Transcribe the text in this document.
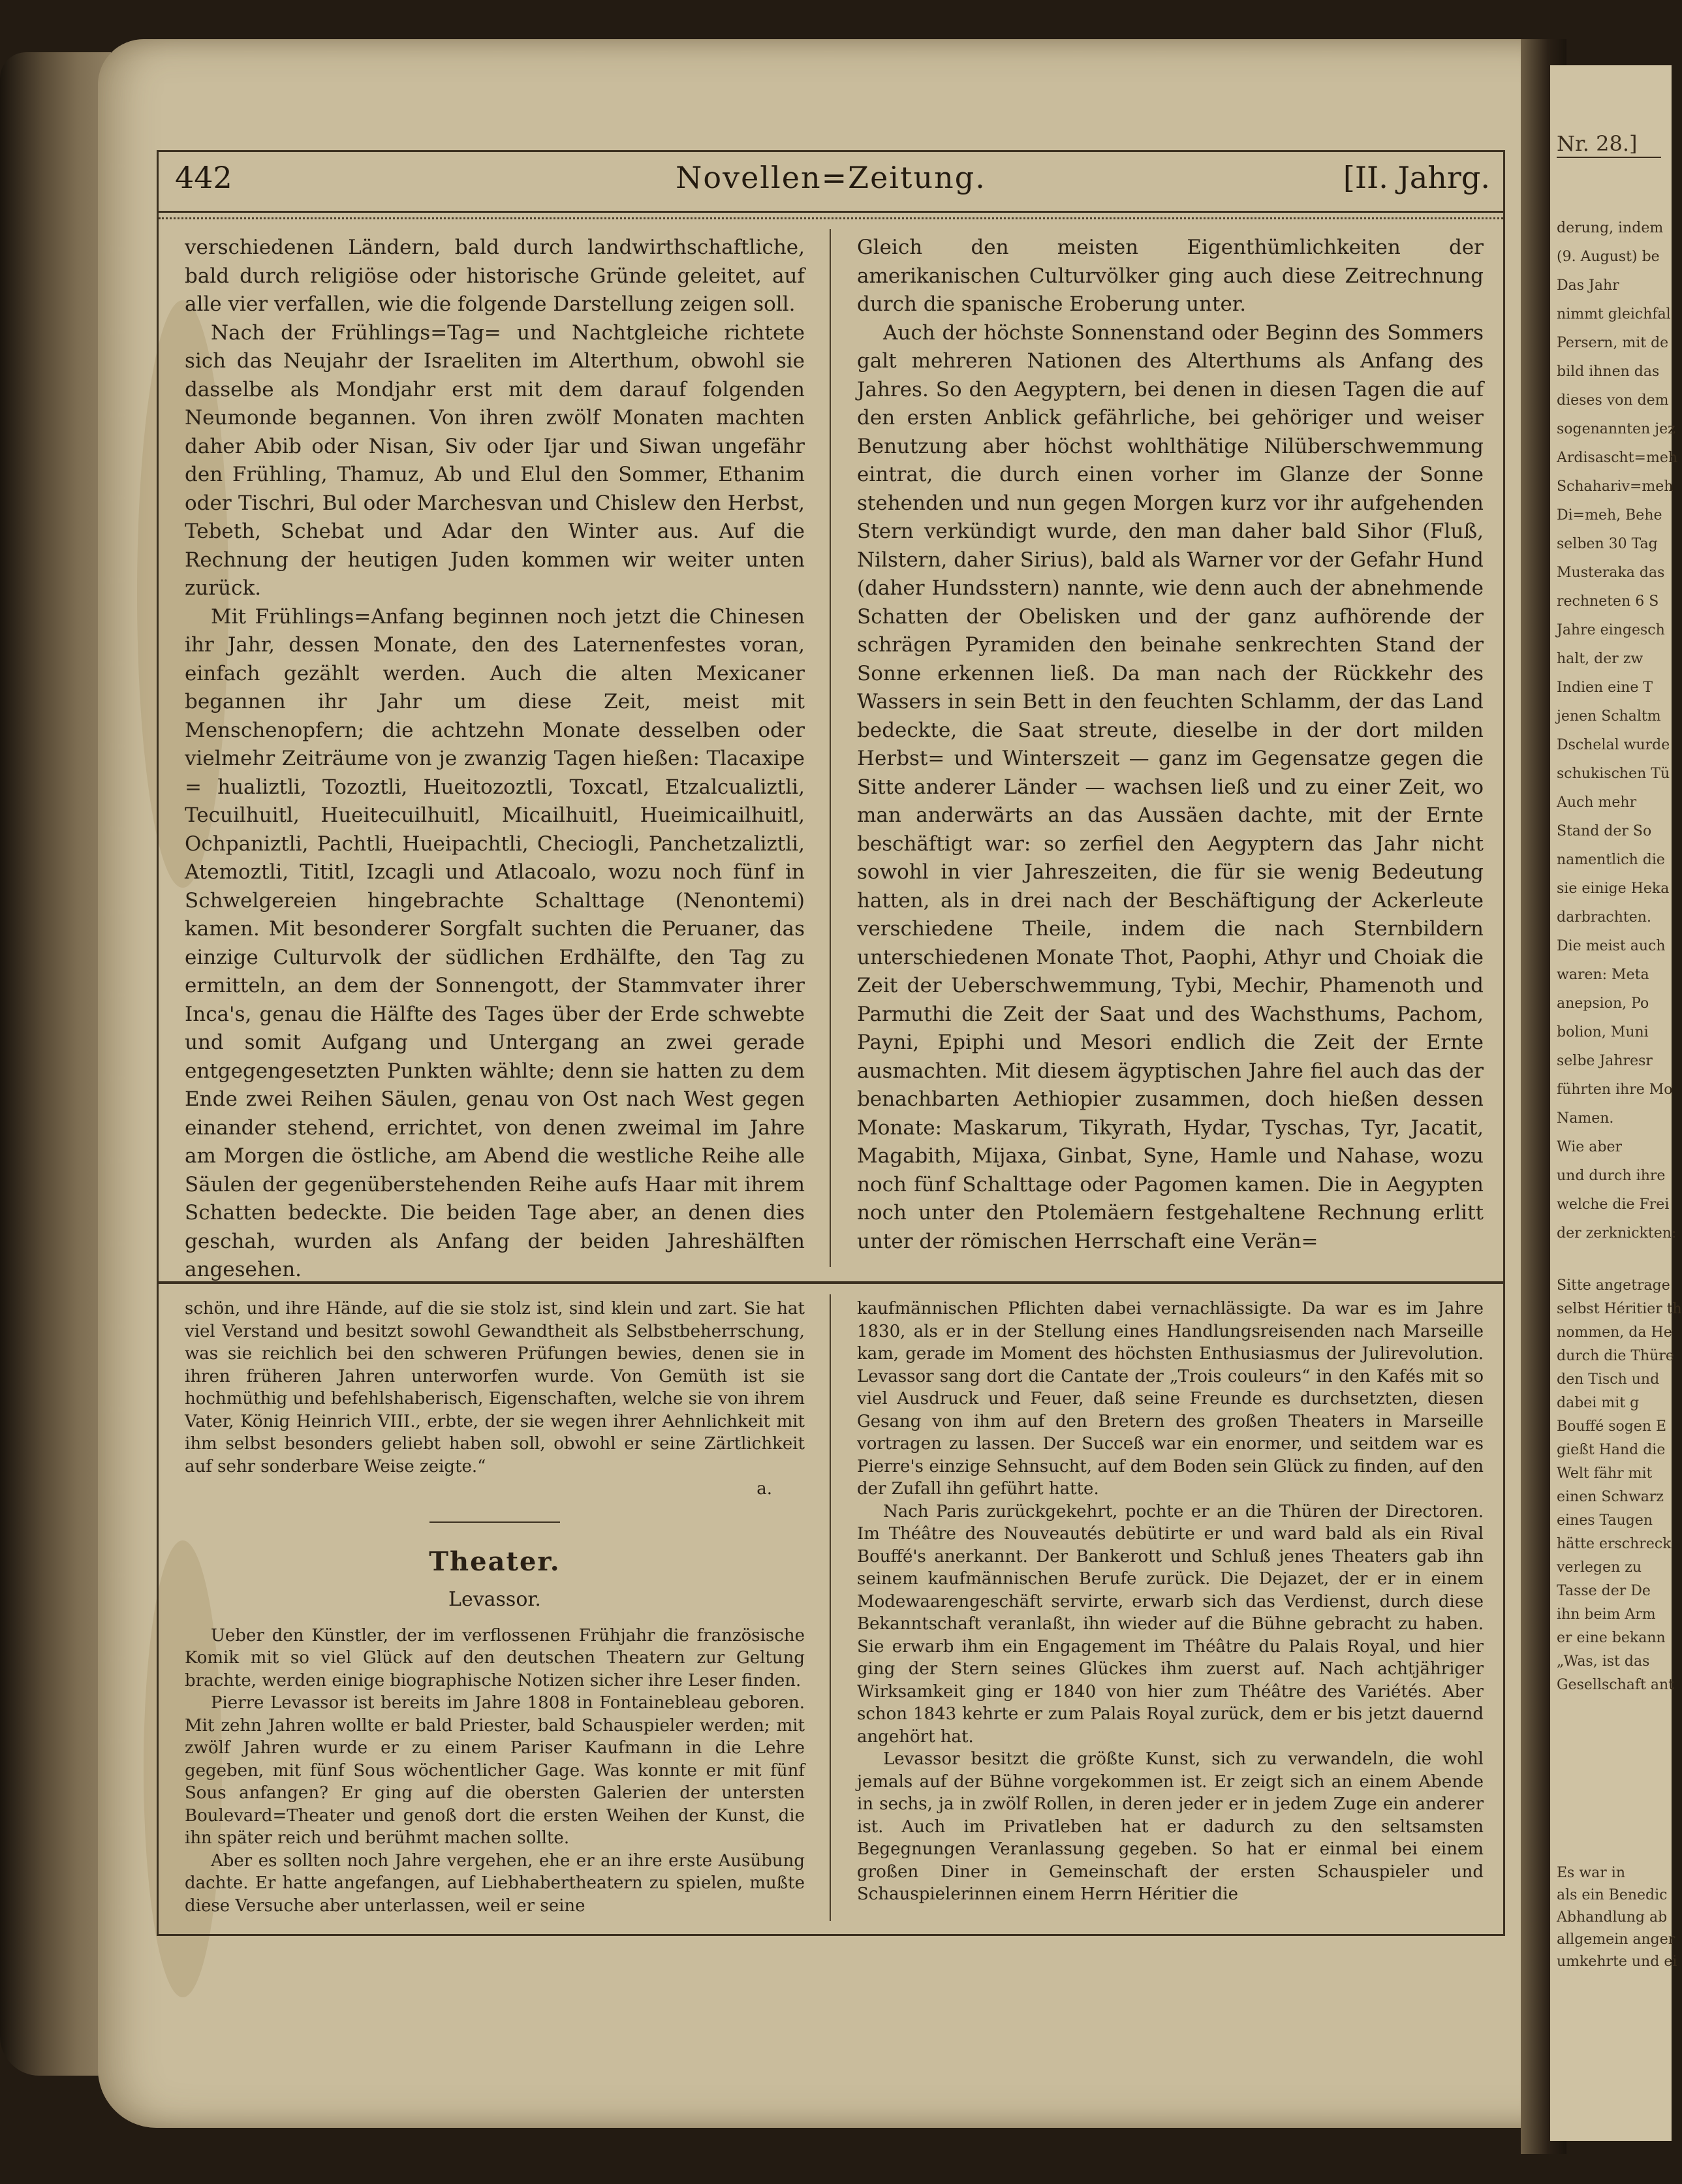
Nr. 28.]
derung, indem
(9. August) be
Das Jahr
nimmt gleichfal
Persern, mit de
bild ihnen das
dieses von dem
sogenannten jez
Ardisascht=meh
Schahariv=meh
Di=meh, Behe
selben 30 Tag
Musteraka das
rechneten 6 S
Jahre eingesch
halt, der zw
Indien eine T
jenen Schaltm
Dschelal wurde
schukischen Tü
Auch mehr
Stand der So
namentlich die
sie einige Heka
darbrachten.
Die meist auch
waren: Meta
anepsion, Po
bolion, Muni
selbe Jahresr
führten ihre Mo
Namen.
Wie aber
und durch ihre
welche die Frei
der zerknickten:
Sitte angetrage
selbst Héritier th
nommen, da He
durch die Thüre
den Tisch und
dabei mit g
Bouffé sogen E
gießt Hand die
Welt fähr mit
einen Schwarz
eines Taugen
hätte erschreck
verlegen zu
Tasse der De
ihn beim Arm
er eine bekann
„Was, ist das
Gesellschaft ant
Es war in
als ein Benedic
Abhandlung ab
allgemein anger
umkehrte und ei
Novellen=Zeitung.
442	[II. Jahrg.

verschiedenen Ländern, bald durch landwirthschaftliche, bald durch religiöse oder historische Gründe geleitet, auf alle vier verfallen, wie die folgende Darstellung zeigen soll.

Nach der Frühlings=Tag= und Nachtgleiche richtete sich das Neujahr der Israeliten im Alterthum, obwohl sie dasselbe als Mondjahr erst mit dem darauf folgenden Neumonde begannen. Von ihren zwölf Monaten machten daher Abib oder Nisan, Siv oder Ijar und Siwan ungefähr den Frühling, Thamuz, Ab und Elul den Sommer, Ethanim oder Tischri, Bul oder Marchesvan und Chislew den Herbst, Tebeth, Schebat und Adar den Winter aus. Auf die Rechnung der heutigen Juden kommen wir weiter unten zurück.

Mit Frühlings=Anfang beginnen noch jetzt die Chinesen ihr Jahr, dessen Monate, den des Laternenfestes voran, einfach gezählt werden. Auch die alten Mexicaner begannen ihr Jahr um diese Zeit, meist mit Menschenopfern; die achtzehn Monate desselben oder vielmehr Zeiträume von je zwanzig Tagen hießen: Tlacaxipe = hualiztli, Tozoztli, Hueitozoztli, Toxcatl, Etzalcualiztli, Tecuilhuitl, Hueitecuilhuitl, Micailhuitl, Hueimicailhuitl, Ochpaniztli, Pachtli, Hueipachtli, Checiogli, Panchetzaliztli, Atemoztli, Tititl, Izcagli und Atlacoalo, wozu noch fünf in Schwelgereien hingebrachte Schalttage (Nenontemi) kamen. Mit besonderer Sorgfalt suchten die Peruaner, das einzige Culturvolk der südlichen Erdhälfte, den Tag zu ermitteln, an dem der Sonnengott, der Stammvater ihrer Inca's, genau die Hälfte des Tages über der Erde schwebte und somit Aufgang und Untergang an zwei gerade entgegengesetzten Punkten wählte; denn sie hatten zu dem Ende zwei Reihen Säulen, genau von Ost nach West gegen einander stehend, errichtet, von denen zweimal im Jahre am Morgen die östliche, am Abend die westliche Reihe alle Säulen der gegenüberstehenden Reihe aufs Haar mit ihrem Schatten bedeckte. Die beiden Tage aber, an denen dies geschah, wurden als Anfang der beiden Jahreshälften angesehen.

Gleich den meisten Eigenthümlichkeiten der amerikanischen Culturvölker ging auch diese Zeitrechnung durch die spanische Eroberung unter.

Auch der höchste Sonnenstand oder Beginn des Sommers galt mehreren Nationen des Alterthums als Anfang des Jahres. So den Aegyptern, bei denen in diesen Tagen die auf den ersten Anblick gefährliche, bei gehöriger und weiser Benutzung aber höchst wohlthätige Nilüberschwemmung eintrat, die durch einen vorher im Glanze der Sonne stehenden und nun gegen Morgen kurz vor ihr aufgehenden Stern verkündigt wurde, den man daher bald Sihor (Fluß, Nilstern, daher Sirius), bald als Warner vor der Gefahr Hund (daher Hundsstern) nannte, wie denn auch der abnehmende Schatten der Obelisken und der ganz aufhörende der schrägen Pyramiden den beinahe senkrechten Stand der Sonne erkennen ließ. Da man nach der Rückkehr des Wassers in sein Bett in den feuchten Schlamm, der das Land bedeckte, die Saat streute, dieselbe in der dort milden Herbst= und Winterszeit — ganz im Gegensatze gegen die Sitte anderer Länder — wachsen ließ und zu einer Zeit, wo man anderwärts an das Aussäen dachte, mit der Ernte beschäftigt war: so zerfiel den Aegyptern das Jahr nicht sowohl in vier Jahreszeiten, die für sie wenig Bedeutung hatten, als in drei nach der Beschäftigung der Ackerleute verschiedene Theile, indem die nach Sternbildern unterschiedenen Monate Thot, Paophi, Athyr und Choiak die Zeit der Ueberschwemmung, Tybi, Mechir, Phamenoth und Parmuthi die Zeit der Saat und des Wachsthums, Pachom, Payni, Epiphi und Mesori endlich die Zeit der Ernte ausmachten. Mit diesem ägyptischen Jahre fiel auch das der benachbarten Aethiopier zusammen, doch hießen dessen Monate: Maskarum, Tikyrath, Hydar, Tyschas, Tyr, Jacatit, Magabith, Mijaxa, Ginbat, Syne, Hamle und Nahase, wozu noch fünf Schalttage oder Pagomen kamen. Die in Aegypten noch unter den Ptolemäern festgehaltene Rechnung erlitt unter der römischen Herrschaft eine Verän=

schön, und ihre Hände, auf die sie stolz ist, sind klein und zart. Sie hat viel Verstand und besitzt sowohl Gewandtheit als Selbstbeherrschung, was sie reichlich bei den schweren Prüfungen bewies, denen sie in ihren früheren Jahren unterworfen wurde. Von Gemüth ist sie hochmüthig und befehlshaberisch, Eigenschaften, welche sie von ihrem Vater, König Heinrich VIII., erbte, der sie wegen ihrer Aehnlichkeit mit ihm selbst besonders geliebt haben soll, obwohl er seine Zärtlichkeit auf sehr sonderbare Weise zeigte.“

a.

Theater.
Levassor.

Ueber den Künstler, der im verflossenen Frühjahr die französische Komik mit so viel Glück auf den deutschen Theatern zur Geltung brachte, werden einige biographische Notizen sicher ihre Leser finden.

Pierre Levassor ist bereits im Jahre 1808 in Fontainebleau geboren. Mit zehn Jahren wollte er bald Priester, bald Schauspieler werden; mit zwölf Jahren wurde er zu einem Pariser Kaufmann in die Lehre gegeben, mit fünf Sous wöchentlicher Gage. Was konnte er mit fünf Sous anfangen? Er ging auf die obersten Galerien der untersten Boulevard=Theater und genoß dort die ersten Weihen der Kunst, die ihn später reich und berühmt machen sollte.

Aber es sollten noch Jahre vergehen, ehe er an ihre erste Ausübung dachte. Er hatte angefangen, auf Liebhabertheatern zu spielen, mußte diese Versuche aber unterlassen, weil er seine

kaufmännischen Pflichten dabei vernachlässigte. Da war es im Jahre 1830, als er in der Stellung eines Handlungsreisenden nach Marseille kam, gerade im Moment des höchsten Enthusiasmus der Julirevolution. Levassor sang dort die Cantate der „Trois couleurs“ in den Kafés mit so viel Ausdruck und Feuer, daß seine Freunde es durchsetzten, diesen Gesang von ihm auf den Bretern des großen Theaters in Marseille vortragen zu lassen. Der Succeß war ein enormer, und seitdem war es Pierre's einzige Sehnsucht, auf dem Boden sein Glück zu finden, auf den der Zufall ihn geführt hatte.

Nach Paris zurückgekehrt, pochte er an die Thüren der Directoren. Im Théâtre des Nouveautés debütirte er und ward bald als ein Rival Bouffé's anerkannt. Der Bankerott und Schluß jenes Theaters gab ihn seinem kaufmännischen Berufe zurück. Die Dejazet, der er in einem Modewaarengeschäft servirte, erwarb sich das Verdienst, durch diese Bekanntschaft veranlaßt, ihn wieder auf die Bühne gebracht zu haben. Sie erwarb ihm ein Engagement im Théâtre du Palais Royal, und hier ging der Stern seines Glückes ihm zuerst auf. Nach achtjähriger Wirksamkeit ging er 1840 von hier zum Théâtre des Variétés. Aber schon 1843 kehrte er zum Palais Royal zurück, dem er bis jetzt dauernd angehört hat.

Levassor besitzt die größte Kunst, sich zu verwandeln, die wohl jemals auf der Bühne vorgekommen ist. Er zeigt sich an einem Abende in sechs, ja in zwölf Rollen, in deren jeder er in jedem Zuge ein anderer ist. Auch im Privatleben hat er dadurch zu den seltsamsten Begegnungen Veranlassung gegeben. So hat er einmal bei einem großen Diner in Gemeinschaft der ersten Schauspieler und Schauspielerinnen einem Herrn Héritier die
